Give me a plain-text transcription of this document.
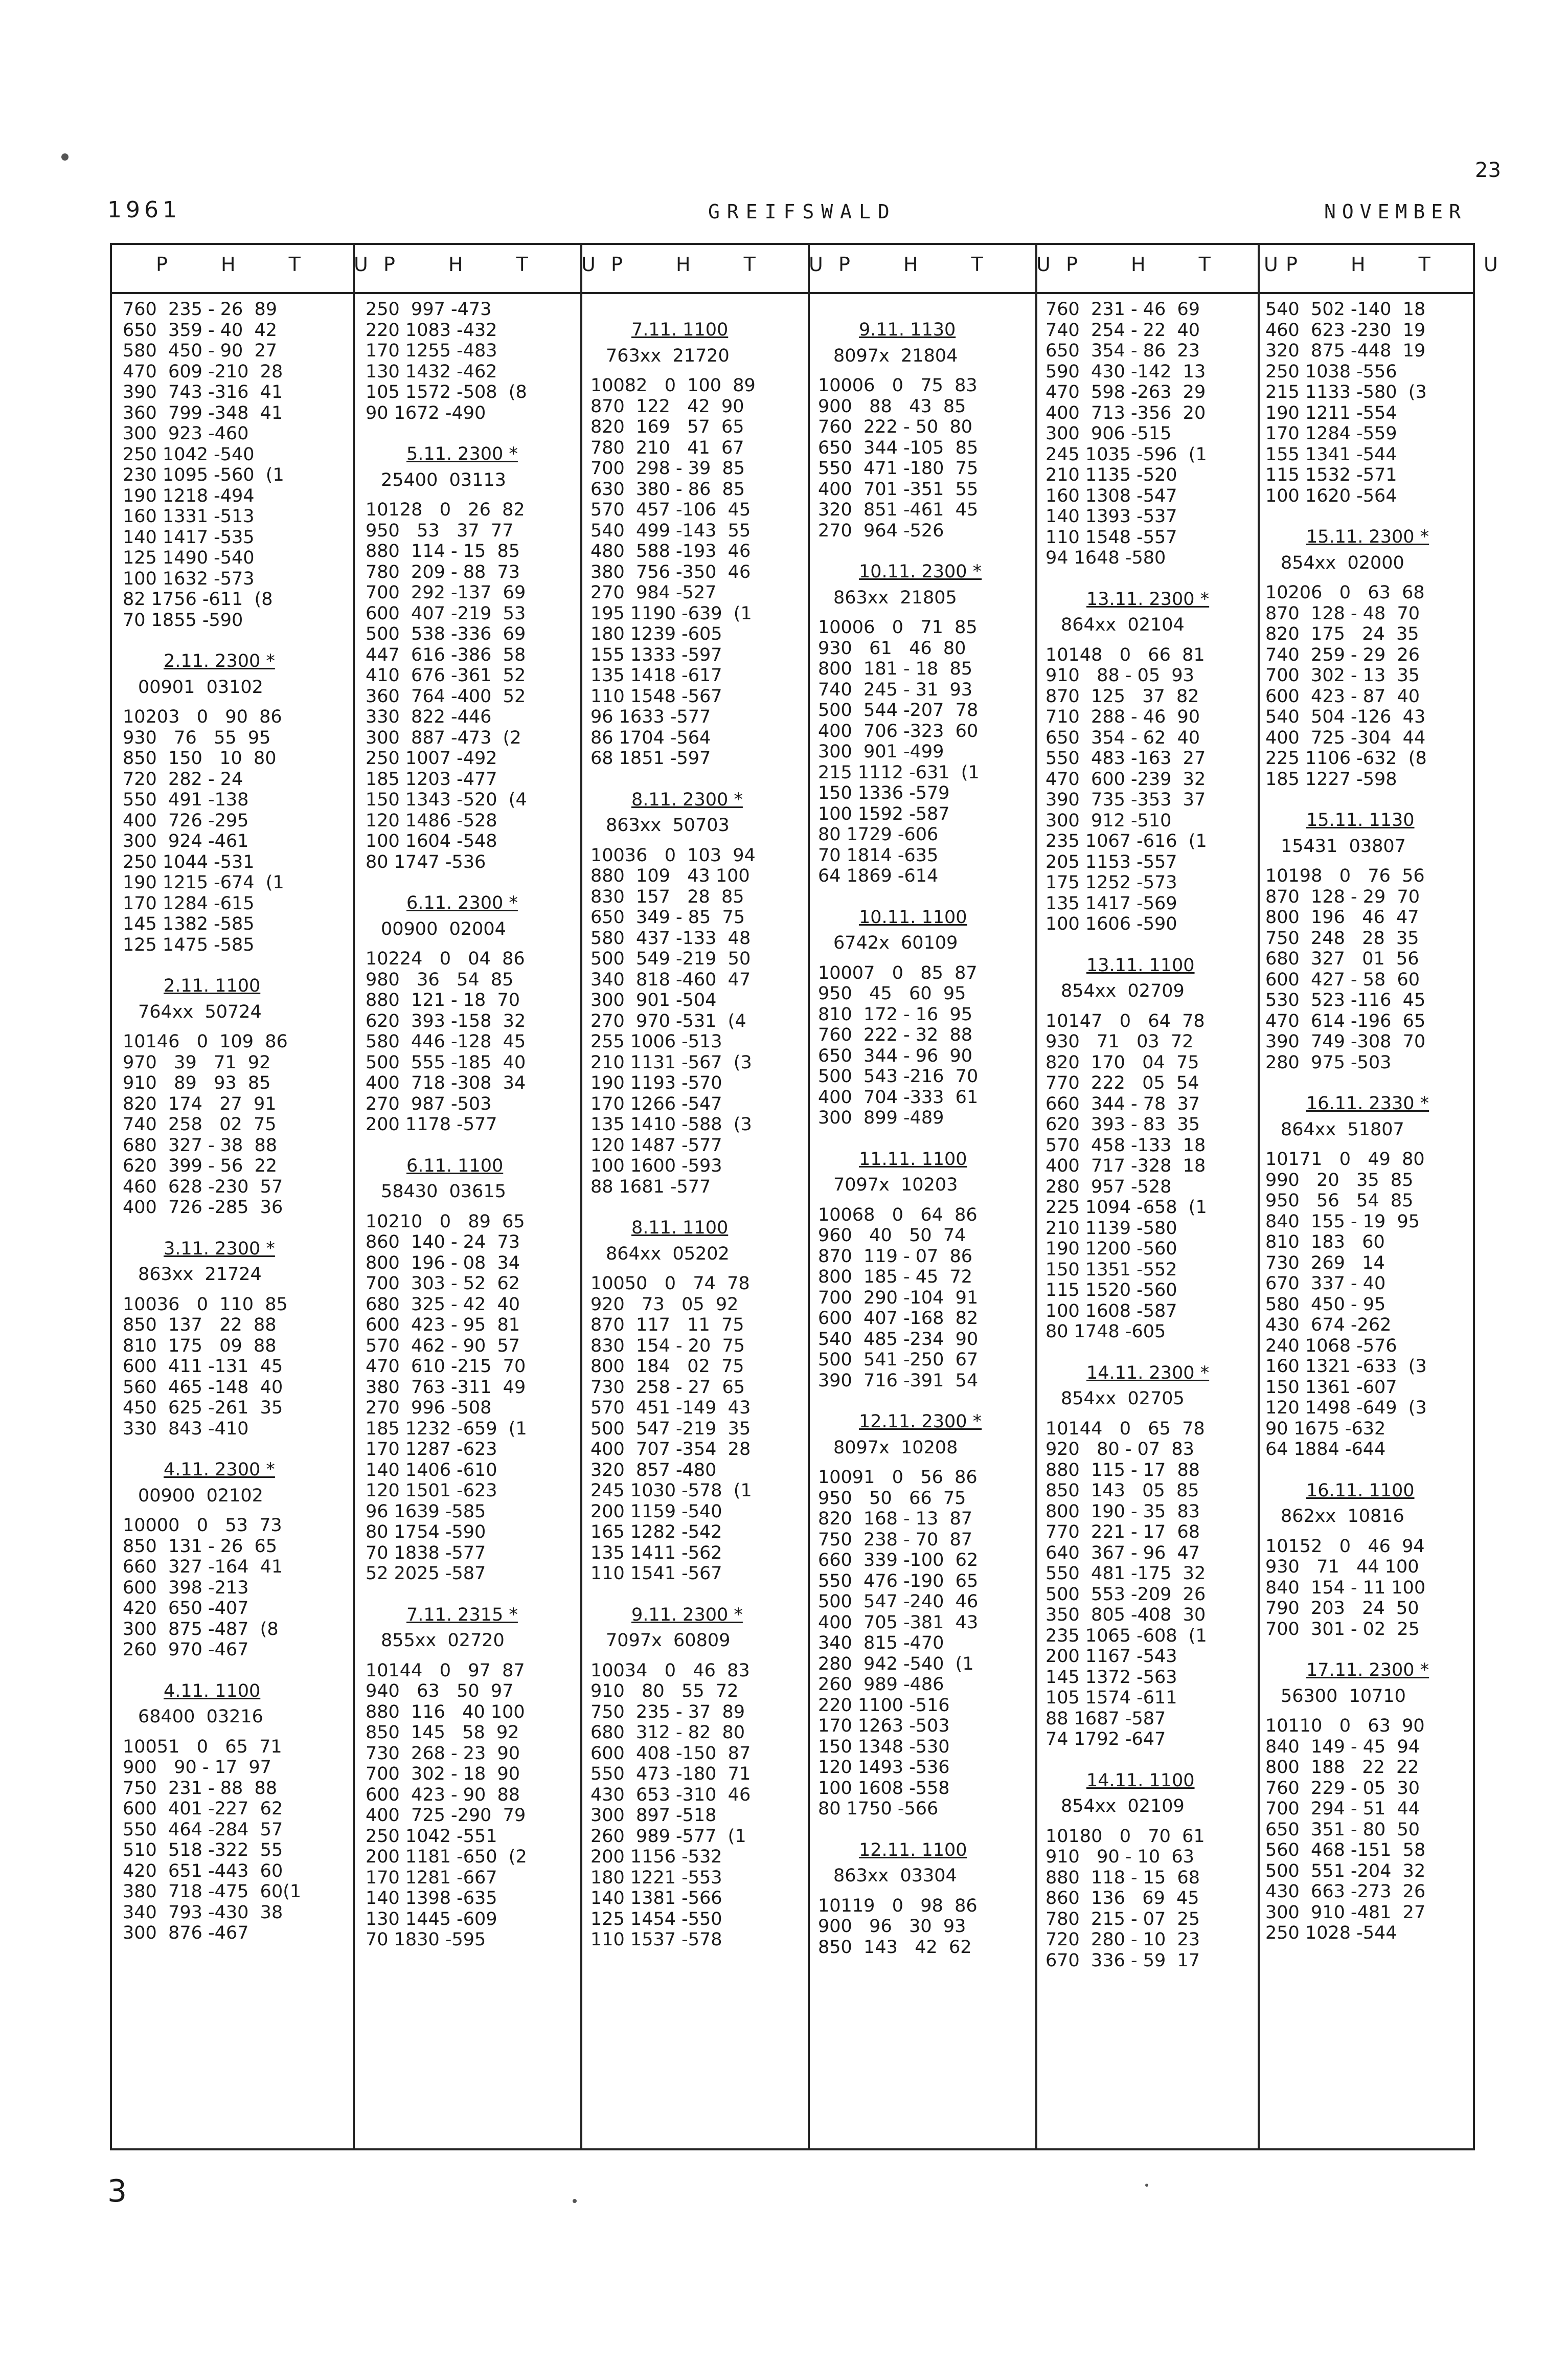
23
1961	GREIFSWALD	NOVEMBER
P H T U
P H T U
P H T U
P H T U
P H T U
P H T U
760  235 - 26  89
650  359 - 40  42
580  450 - 90  27
470  609 -210  28
390  743 -316  41
360  799 -348  41
300  923 -460
250 1042 -540
230 1095 -560  (1
190 1218 -494
160 1331 -513
140 1417 -535
125 1490 -540
100 1632 -573
82 1756 -611  (8
70 1855 -590
2.11. 2300 *
00901  03102
10203   0   90  86
930   76   55  95
850  150   10  80
720  282 - 24
550  491 -138
400  726 -295
300  924 -461
250 1044 -531
190 1215 -674  (1
170 1284 -615
145 1382 -585
125 1475 -585
2.11. 1100
764xx  50724
10146   0  109  86
970   39   71  92
910   89   93  85
820  174   27  91
740  258   02  75
680  327 - 38  88
620  399 - 56  22
460  628 -230  57
400  726 -285  36
3.11. 2300 *
863xx  21724
10036   0  110  85
850  137   22  88
810  175   09  88
600  411 -131  45
560  465 -148  40
450  625 -261  35
330  843 -410
4.11. 2300 *
00900  02102
10000   0   53  73
850  131 - 26  65
660  327 -164  41
600  398 -213
420  650 -407
300  875 -487  (8
260  970 -467
4.11. 1100
68400  03216
10051   0   65  71
900   90 - 17  97
750  231 - 88  88
600  401 -227  62
550  464 -284  57
510  518 -322  55
420  651 -443  60
380  718 -475  60(1
340  793 -430  38
300  876 -467
250  997 -473
220 1083 -432
170 1255 -483
130 1432 -462
105 1572 -508  (8
90 1672 -490
5.11. 2300 *
25400  03113
10128   0   26  82
950   53   37  77
880  114 - 15  85
780  209 - 88  73
700  292 -137  69
600  407 -219  53
500  538 -336  69
447  616 -386  58
410  676 -361  52
360  764 -400  52
330  822 -446
300  887 -473  (2
250 1007 -492
185 1203 -477
150 1343 -520  (4
120 1486 -528
100 1604 -548
80 1747 -536
6.11. 2300 *
00900  02004
10224   0   04  86
980   36   54  85
880  121 - 18  70
620  393 -158  32
580  446 -128  45
500  555 -185  40
400  718 -308  34
270  987 -503
200 1178 -577
6.11. 1100
58430  03615
10210   0   89  65
860  140 - 24  73
800  196 - 08  34
700  303 - 52  62
680  325 - 42  40
600  423 - 95  81
570  462 - 90  57
470  610 -215  70
380  763 -311  49
270  996 -508
185 1232 -659  (1
170 1287 -623
140 1406 -610
120 1501 -623
96 1639 -585
80 1754 -590
70 1838 -577
52 2025 -587
7.11. 2315 *
855xx  02720
10144   0   97  87
940   63   50  97
880  116   40 100
850  145   58  92
730  268 - 23  90
700  302 - 18  90
600  423 - 90  88
400  725 -290  79
250 1042 -551
200 1181 -650  (2
170 1281 -667
140 1398 -635
130 1445 -609
70 1830 -595
7.11. 1100
763xx  21720
10082   0  100  89
870  122   42  90
820  169   57  65
780  210   41  67
700  298 - 39  85
630  380 - 86  85
570  457 -106  45
540  499 -143  55
480  588 -193  46
380  756 -350  46
270  984 -527
195 1190 -639  (1
180 1239 -605
155 1333 -597
135 1418 -617
110 1548 -567
96 1633 -577
86 1704 -564
68 1851 -597
8.11. 2300 *
863xx  50703
10036   0  103  94
880  109   43 100
830  157   28  85
650  349 - 85  75
580  437 -133  48
500  549 -219  50
340  818 -460  47
300  901 -504
270  970 -531  (4
255 1006 -513
210 1131 -567  (3
190 1193 -570
170 1266 -547
135 1410 -588  (3
120 1487 -577
100 1600 -593
88 1681 -577
8.11. 1100
864xx  05202
10050   0   74  78
920   73   05  92
870  117   11  75
830  154 - 20  75
800  184   02  75
730  258 - 27  65
570  451 -149  43
500  547 -219  35
400  707 -354  28
320  857 -480
245 1030 -578  (1
200 1159 -540
165 1282 -542
135 1411 -562
110 1541 -567
9.11. 2300 *
7097x  60809
10034   0   46  83
910   80   55  72
750  235 - 37  89
680  312 - 82  80
600  408 -150  87
550  473 -180  71
430  653 -310  46
300  897 -518
260  989 -577  (1
200 1156 -532
180 1221 -553
140 1381 -566
125 1454 -550
110 1537 -578
9.11. 1130
8097x  21804
10006   0   75  83
900   88   43  85
760  222 - 50  80
650  344 -105  85
550  471 -180  75
400  701 -351  55
320  851 -461  45
270  964 -526
10.11. 2300 *
863xx  21805
10006   0   71  85
930   61   46  80
800  181 - 18  85
740  245 - 31  93
500  544 -207  78
400  706 -323  60
300  901 -499
215 1112 -631  (1
150 1336 -579
100 1592 -587
80 1729 -606
70 1814 -635
64 1869 -614
10.11. 1100
6742x  60109
10007   0   85  87
950   45   60  95
810  172 - 16  95
760  222 - 32  88
650  344 - 96  90
500  543 -216  70
400  704 -333  61
300  899 -489
11.11. 1100
7097x  10203
10068   0   64  86
960   40   50  74
870  119 - 07  86
800  185 - 45  72
700  290 -104  91
600  407 -168  82
540  485 -234  90
500  541 -250  67
390  716 -391  54
12.11. 2300 *
8097x  10208
10091   0   56  86
950   50   66  75
820  168 - 13  87
750  238 - 70  87
660  339 -100  62
550  476 -190  65
500  547 -240  46
400  705 -381  43
340  815 -470
280  942 -540  (1
260  989 -486
220 1100 -516
170 1263 -503
150 1348 -530
120 1493 -536
100 1608 -558
80 1750 -566
12.11. 1100
863xx  03304
10119   0   98  86
900   96   30  93
850  143   42  62
760  231 - 46  69
740  254 - 22  40
650  354 - 86  23
590  430 -142  13
470  598 -263  29
400  713 -356  20
300  906 -515
245 1035 -596  (1
210 1135 -520
160 1308 -547
140 1393 -537
110 1548 -557
94 1648 -580
13.11. 2300 *
864xx  02104
10148   0   66  81
910   88 - 05  93
870  125   37  82
710  288 - 46  90
650  354 - 62  40
550  483 -163  27
470  600 -239  32
390  735 -353  37
300  912 -510
235 1067 -616  (1
205 1153 -557
175 1252 -573
135 1417 -569
100 1606 -590
13.11. 1100
854xx  02709
10147   0   64  78
930   71   03  72
820  170   04  75
770  222   05  54
660  344 - 78  37
620  393 - 83  35
570  458 -133  18
400  717 -328  18
280  957 -528
225 1094 -658  (1
210 1139 -580
190 1200 -560
150 1351 -552
115 1520 -560
100 1608 -587
80 1748 -605
14.11. 2300 *
854xx  02705
10144   0   65  78
920   80 - 07  83
880  115 - 17  88
850  143   05  85
800  190 - 35  83
770  221 - 17  68
640  367 - 96  47
550  481 -175  32
500  553 -209  26
350  805 -408  30
235 1065 -608  (1
200 1167 -543
145 1372 -563
105 1574 -611
88 1687 -587
74 1792 -647
14.11. 1100
854xx  02109
10180   0   70  61
910   90 - 10  63
880  118 - 15  68
860  136   69  45
780  215 - 07  25
720  280 - 10  23
670  336 - 59  17
540  502 -140  18
460  623 -230  19
320  875 -448  19
250 1038 -556
215 1133 -580  (3
190 1211 -554
170 1284 -559
155 1341 -544
115 1532 -571
100 1620 -564
15.11. 2300 *
854xx  02000
10206   0   63  68
870  128 - 48  70
820  175   24  35
740  259 - 29  26
700  302 - 13  35
600  423 - 87  40
540  504 -126  43
400  725 -304  44
225 1106 -632  (8
185 1227 -598
15.11. 1130
15431  03807
10198   0   76  56
870  128 - 29  70
800  196   46  47
750  248   28  35
680  327   01  56
600  427 - 58  60
530  523 -116  45
470  614 -196  65
390  749 -308  70
280  975 -503
16.11. 2330 *
864xx  51807
10171   0   49  80
990   20   35  85
950   56   54  85
840  155 - 19  95
810  183   60
730  269   14
670  337 - 40
580  450 - 95
430  674 -262
240 1068 -576
160 1321 -633  (3
150 1361 -607
120 1498 -649  (3
90 1675 -632
64 1884 -644
16.11. 1100
862xx  10816
10152   0   46  94
930   71   44 100
840  154 - 11 100
790  203   24  50
700  301 - 02  25
17.11. 2300 *
56300  10710
10110   0   63  90
840  149 - 45  94
800  188   22  22
760  229 - 05  30
700  294 - 51  44
650  351 - 80  50
560  468 -151  58
500  551 -204  32
430  663 -273  26
300  910 -481  27
250 1028 -544
3
